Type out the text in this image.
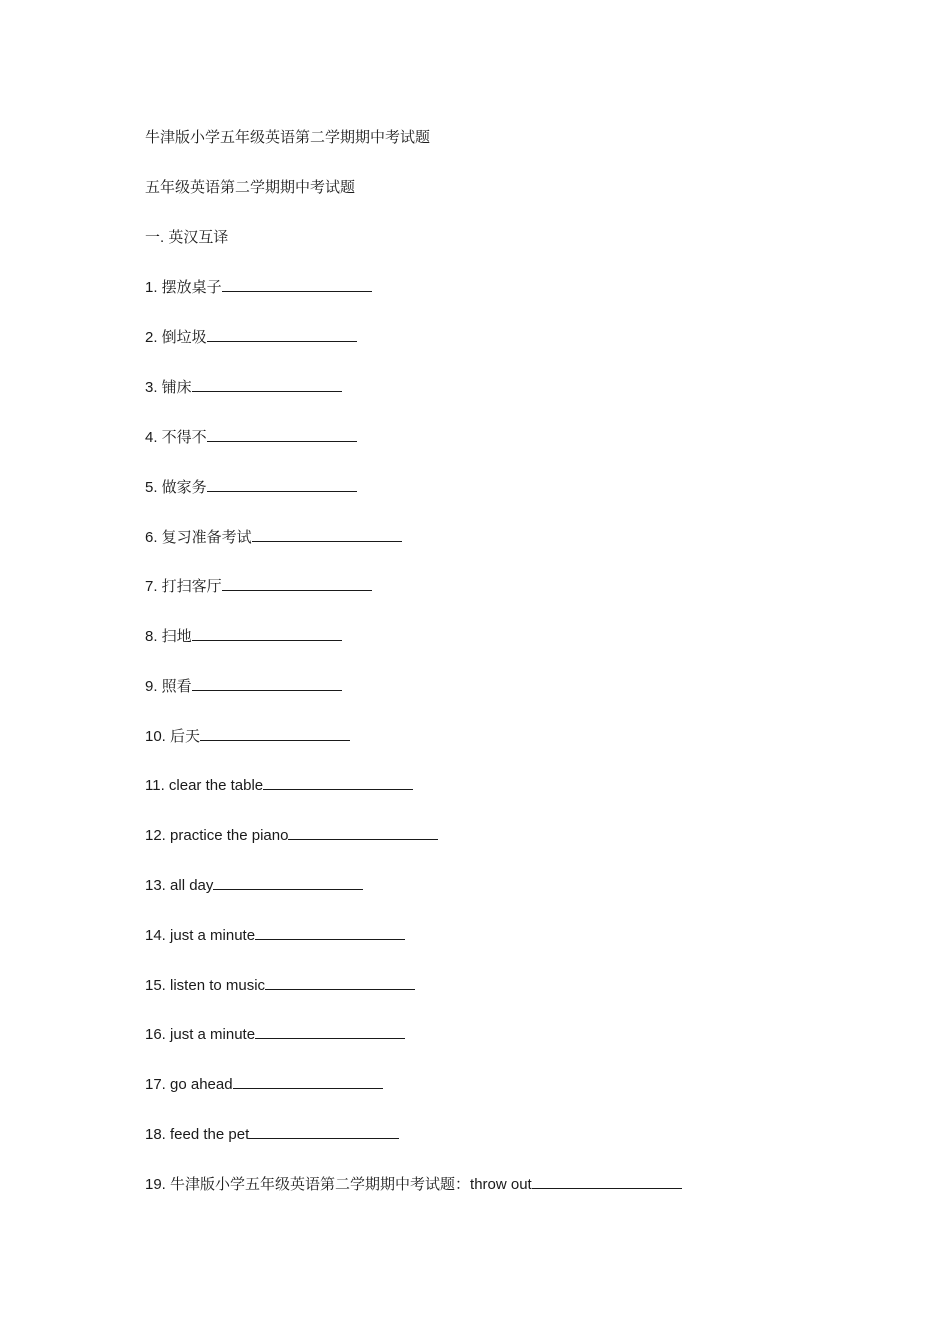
牛津版小学五年级英语第二学期期中考试题
五年级英语第二学期期中考试题
一. 英汉互译
1. 摆放桌子
2. 倒垃圾
3. 铺床
4. 不得不
5. 做家务
6. 复习准备考试
7. 打扫客厅
8. 扫地
9. 照看
10. 后天
11. clear the table
12. practice the piano
13. all day
14. just a minute
15. listen to music
16. just a minute
17. go ahead
18. feed the pet
19. 牛津版小学五年级英语第二学期期中考试题：throw out
